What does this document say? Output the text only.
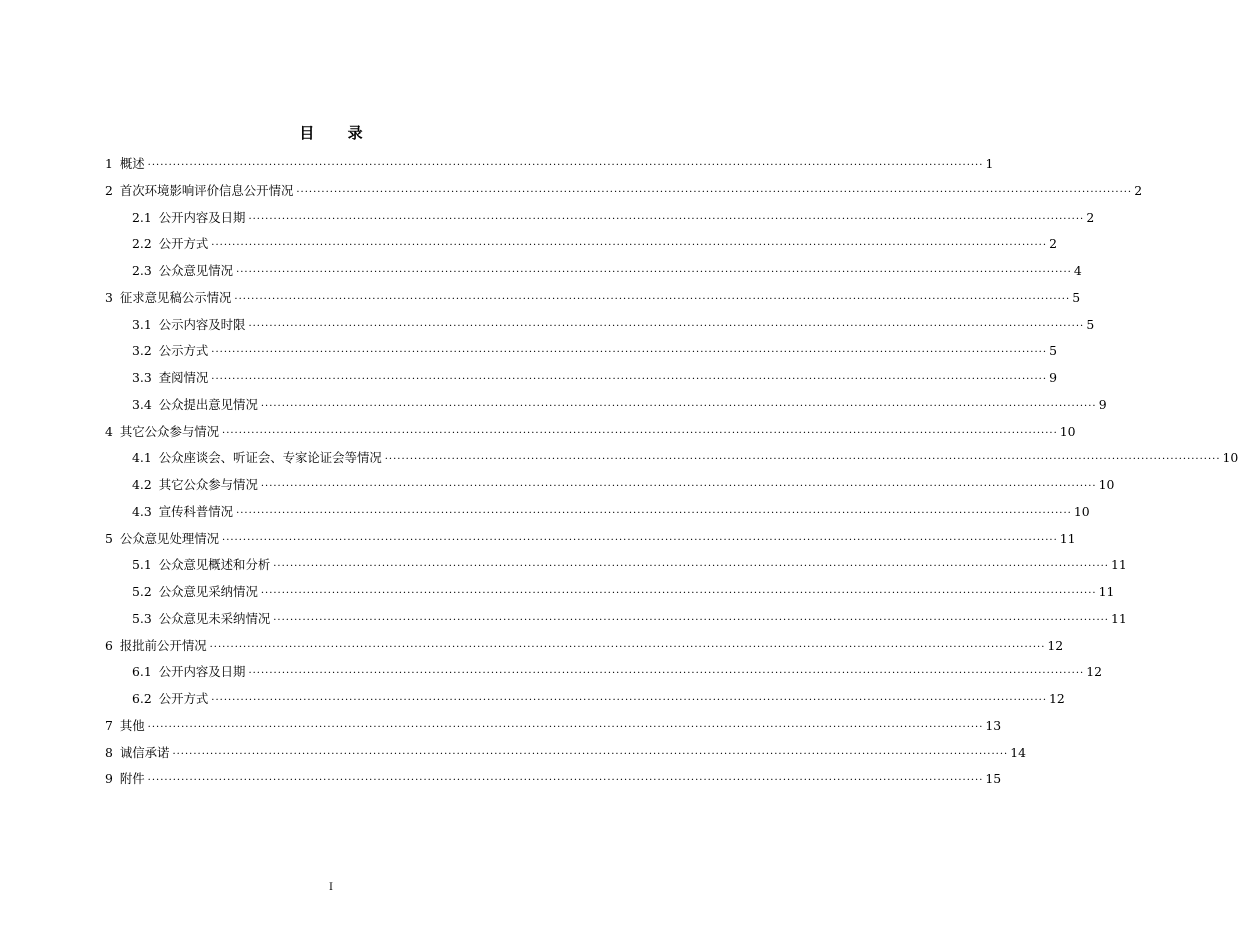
目 录
1 概述 ········································································································································································································ 1
2 首次环境影响评价信息公开情况 ········································································································································································································ 2
2.1 公开内容及日期 ········································································································································································································ 2
2.2 公开方式 ········································································································································································································ 2
2.3 公众意见情况 ········································································································································································································ 4
3 征求意见稿公示情况 ········································································································································································································ 5
3.1 公示内容及时限 ········································································································································································································ 5
3.2 公示方式 ········································································································································································································ 5
3.3 查阅情况 ········································································································································································································ 9
3.4 公众提出意见情况 ········································································································································································································ 9
4 其它公众参与情况 ········································································································································································································ 10
4.1 公众座谈会、听证会、专家论证会等情况 ········································································································································································································ 10
4.2 其它公众参与情况 ········································································································································································································ 10
4.3 宣传科普情况 ········································································································································································································ 10
5 公众意见处理情况 ········································································································································································································ 11
5.1 公众意见概述和分析 ········································································································································································································ 11
5.2 公众意见采纳情况 ········································································································································································································ 11
5.3 公众意见未采纳情况 ········································································································································································································ 11
6 报批前公开情况 ········································································································································································································ 12
6.1 公开内容及日期 ········································································································································································································ 12
6.2 公开方式 ········································································································································································································ 12
7 其他 ········································································································································································································ 13
8 诚信承诺 ········································································································································································································ 14
9 附件 ········································································································································································································ 15
I
